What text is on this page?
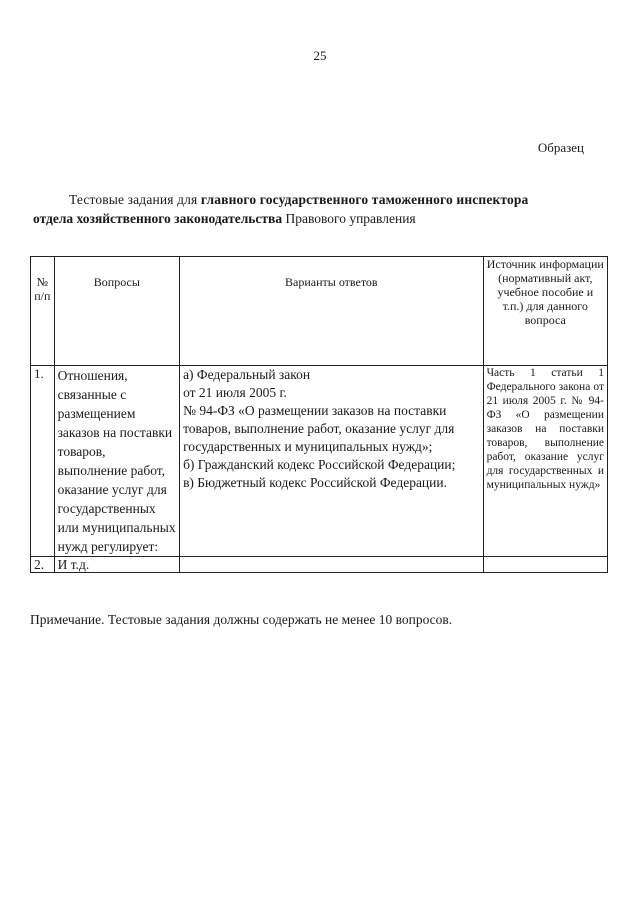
25
Образец
Тестовые задания для главного государственного таможенного инспектора
отдела хозяйственного законодательства Правового управления
№ п/п	Вопросы	Варианты ответов	Источник информации (нормативный акт, учебное пособие и т.п.) для данного вопроса
1.	Отношения, связанные с размещением заказов на поставки товаров, выполнение работ, оказание услуг для государственных или муниципальных нужд регулирует:	а) Федеральный закон
от 21 июля 2005 г.
№ 94-ФЗ «О размещении заказов на поставки товаров, выполнение работ, оказание услуг для государственных и муниципальных нужд»;
б) Гражданский кодекс Российской Федерации;
в) Бюджетный кодекс Российской Федерации.	Часть 1 статьи 1 Федерального закона от 21 июля 2005 г. № 94-ФЗ «О размещении заказов на поставки товаров, выполнение работ, оказание услуг для государственных и муниципальных нужд»
2.	И т.д.		
Примечание. Тестовые задания должны содержать не менее 10 вопросов.
